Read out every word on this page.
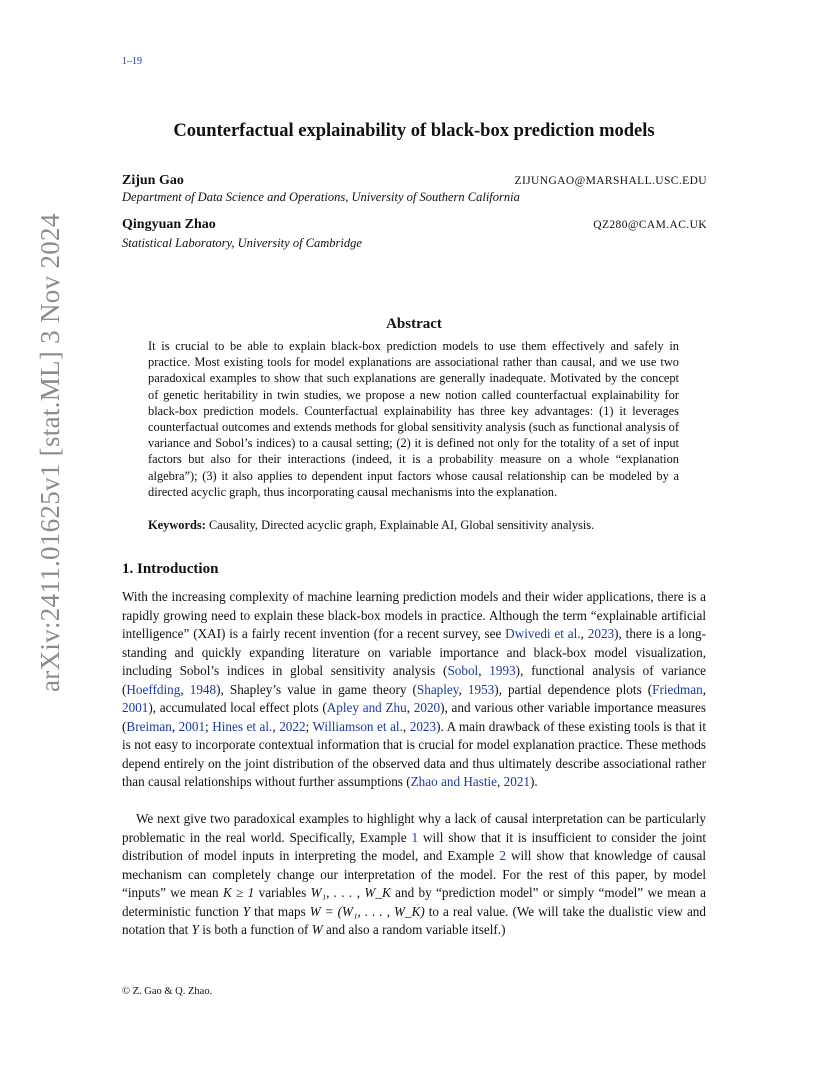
1–19
arXiv:2411.01625v1 [stat.ML] 3 Nov 2024
Counterfactual explainability of black-box prediction models
Zijun Gao	ZIJUNGAO@MARSHALL.USC.EDU
Department of Data Science and Operations, University of Southern California
Qingyuan Zhao	QZ280@CAM.AC.UK
Statistical Laboratory, University of Cambridge
Abstract
It is crucial to be able to explain black-box prediction models to use them effectively and safely in practice. Most existing tools for model explanations are associational rather than causal, and we use two paradoxical examples to show that such explanations are generally inadequate. Motivated by the concept of genetic heritability in twin studies, we propose a new notion called counterfactual explainability for black-box prediction models. Counterfactual explainability has three key advantages: (1) it leverages counterfactual outcomes and extends methods for global sensitivity analysis (such as functional analysis of variance and Sobol’s indices) to a causal setting; (2) it is defined not only for the totality of a set of input factors but also for their interactions (indeed, it is a probability measure on a whole “explanation algebra”); (3) it also applies to dependent input factors whose causal relationship can be modeled by a directed acyclic graph, thus incorporating causal mechanisms into the explanation.
Keywords: Causality, Directed acyclic graph, Explainable AI, Global sensitivity analysis.
1. Introduction
With the increasing complexity of machine learning prediction models and their wider applications, there is a rapidly growing need to explain these black-box models in practice. Although the term “explainable artificial intelligence” (XAI) is a fairly recent invention (for a recent survey, see Dwivedi et al., 2023), there is a long-standing and quickly expanding literature on variable importance and black-box model visualization, including Sobol’s indices in global sensitivity analysis (Sobol, 1993), functional analysis of variance (Hoeffding, 1948), Shapley’s value in game theory (Shapley, 1953), partial dependence plots (Friedman, 2001), accumulated local effect plots (Apley and Zhu, 2020), and various other variable importance measures (Breiman, 2001; Hines et al., 2022; Williamson et al., 2023). A main drawback of these existing tools is that it is not easy to incorporate contextual information that is crucial for model explanation practice. These methods depend entirely on the joint distribution of the observed data and thus ultimately describe associational rather than causal relationships without further assumptions (Zhao and Hastie, 2021).
We next give two paradoxical examples to highlight why a lack of causal interpretation can be particularly problematic in the real world. Specifically, Example 1 will show that it is insufficient to consider the joint distribution of model inputs in interpreting the model, and Example 2 will show that knowledge of causal mechanism can completely change our interpretation of the model. For the rest of this paper, by model “inputs” we mean K ≥ 1 variables W₁, . . . , W_K and by “prediction model” or simply “model” we mean a deterministic function Y that maps W = (W₁, . . . , W_K) to a real value. (We will take the dualistic view and notation that Y is both a function of W and also a random variable itself.)
© Z. Gao & Q. Zhao.
